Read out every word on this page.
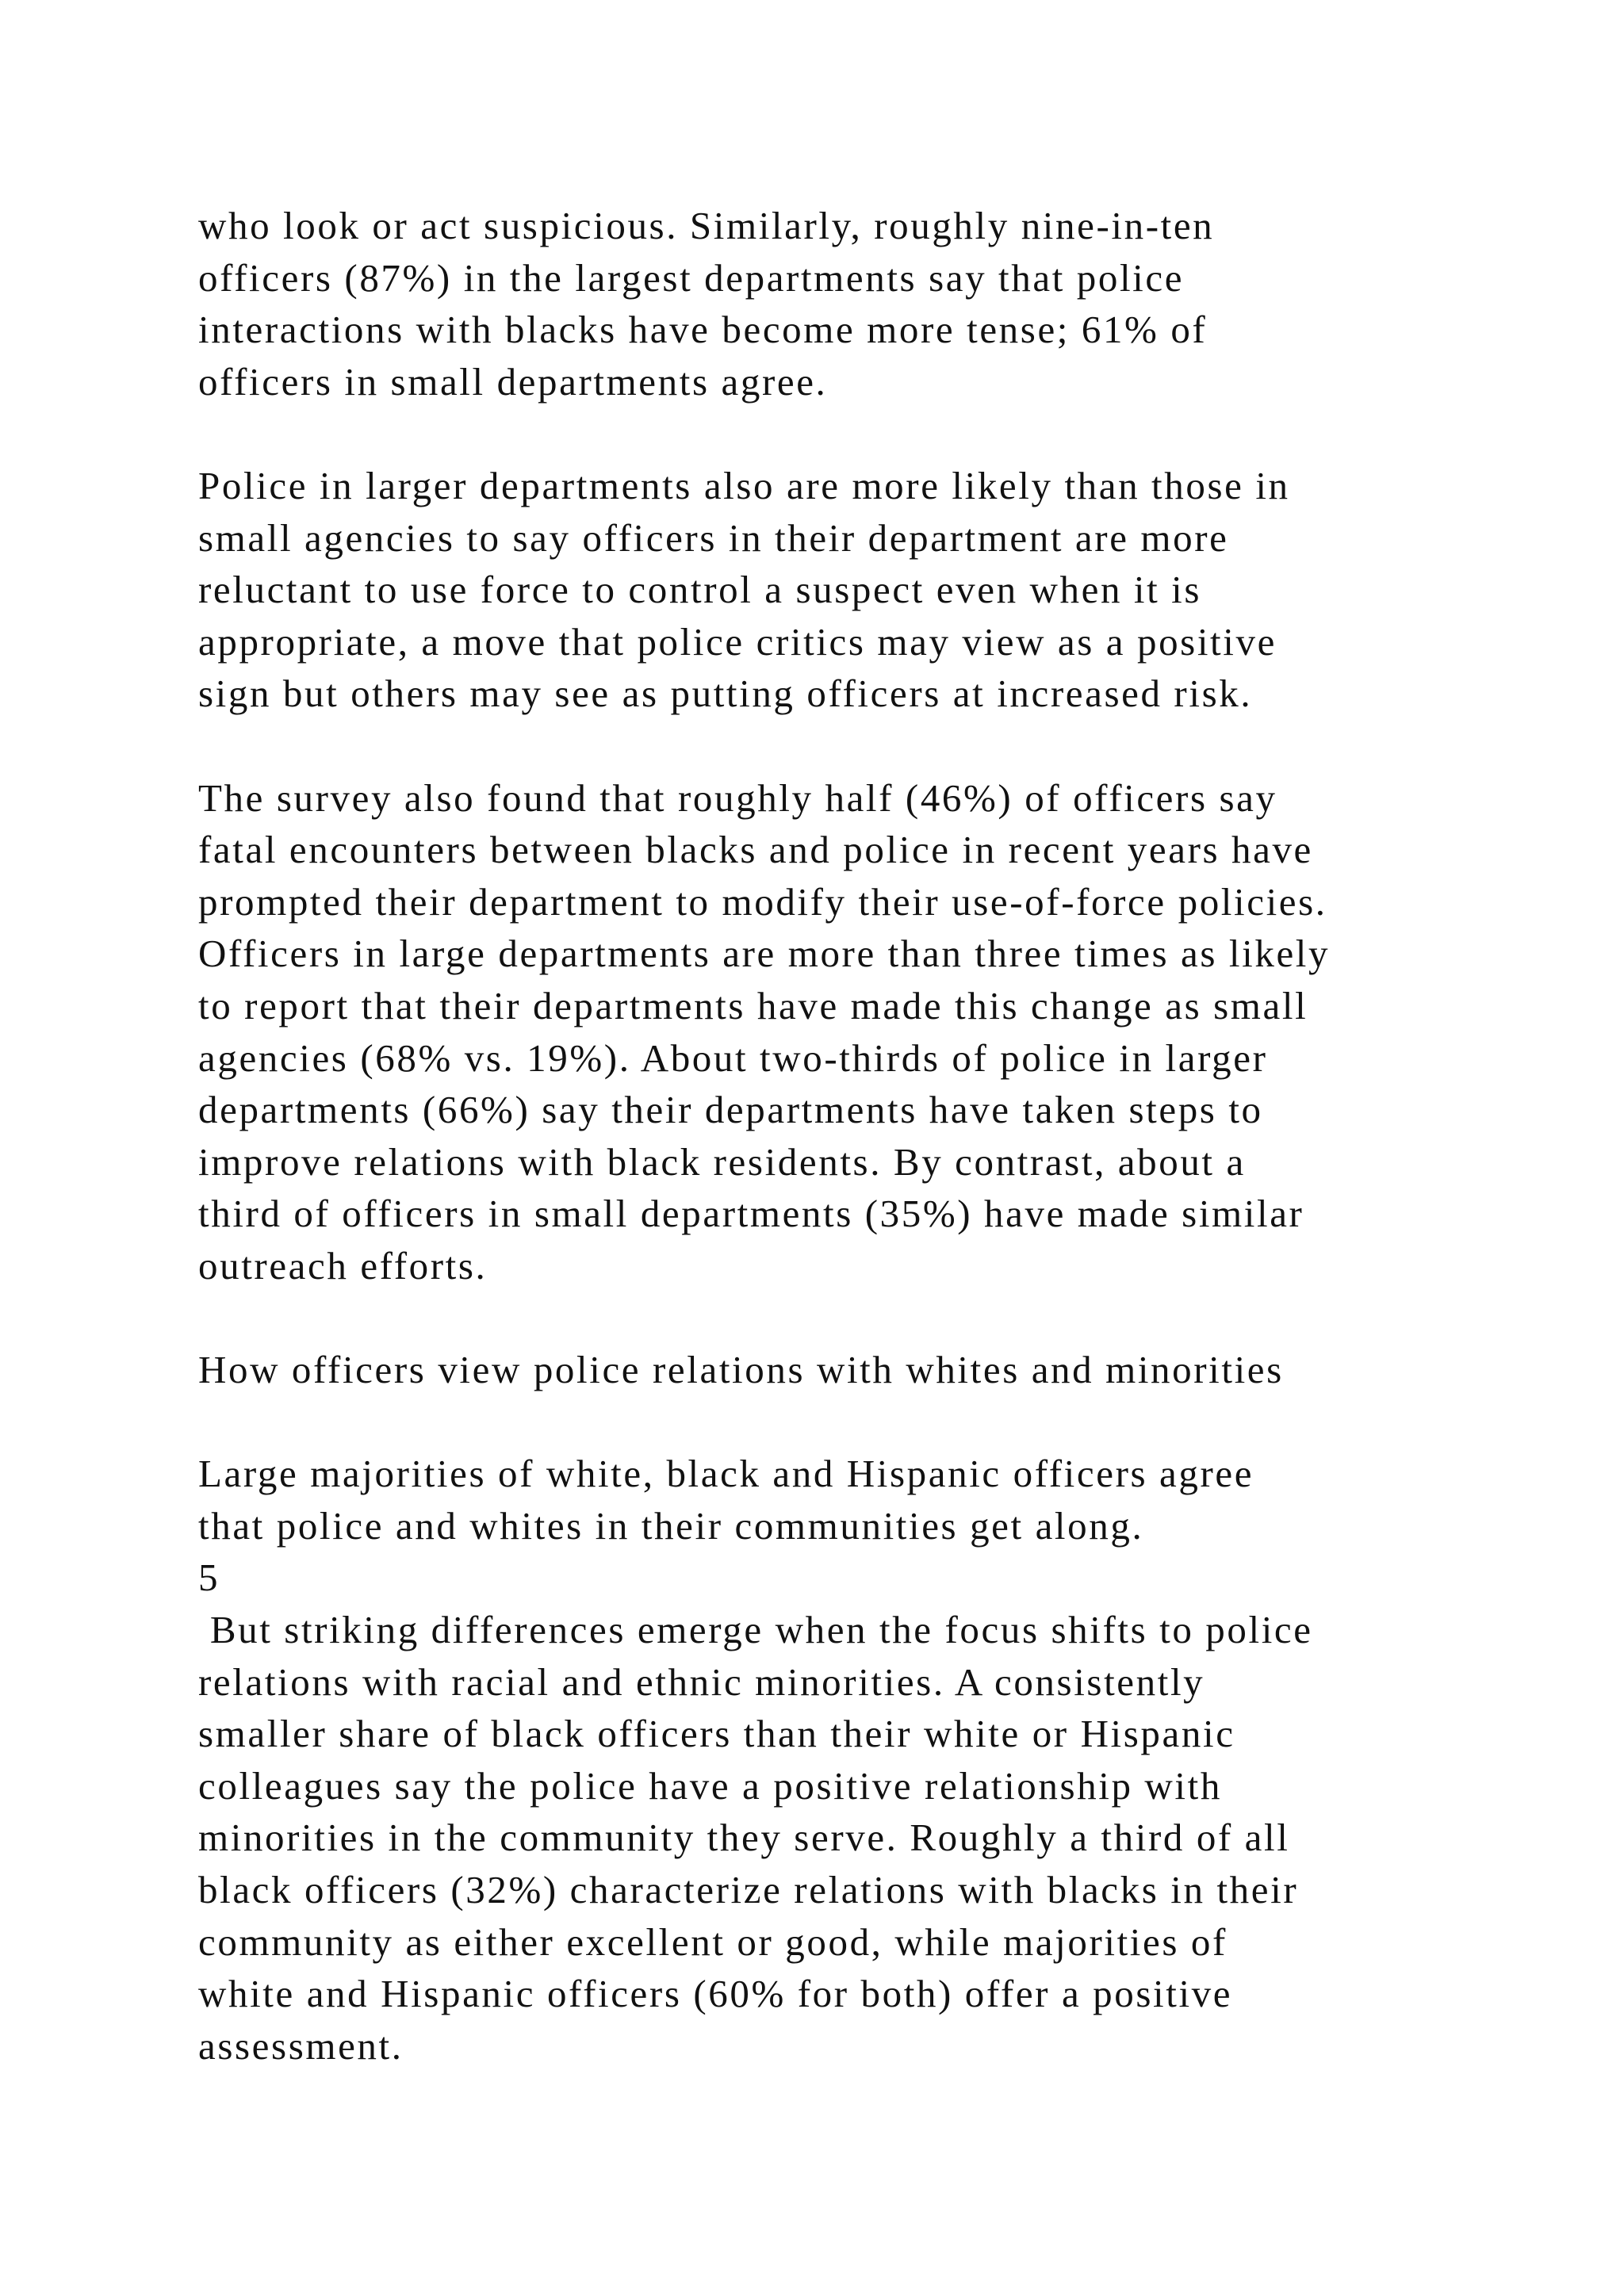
who look or act suspicious. Similarly, roughly nine-in-ten
officers (87%) in the largest departments say that police
interactions with blacks have become more tense; 61% of
officers in small departments agree.
Police in larger departments also are more likely than those in
small agencies to say officers in their department are more
reluctant to use force to control a suspect even when it is
appropriate, a move that police critics may view as a positive
sign but others may see as putting officers at increased risk.
The survey also found that roughly half (46%) of officers say
fatal encounters between blacks and police in recent years have
prompted their department to modify their use-of-force policies.
Officers in large departments are more than three times as likely
to report that their departments have made this change as small
agencies (68% vs. 19%). About two-thirds of police in larger
departments (66%) say their departments have taken steps to
improve relations with black residents. By contrast, about a
third of officers in small departments (35%) have made similar
outreach efforts.
How officers view police relations with whites and minorities
Large majorities of white, black and Hispanic officers agree
that police and whites in their communities get along.
5
But striking differences emerge when the focus shifts to police
relations with racial and ethnic minorities. A consistently
smaller share of black officers than their white or Hispanic
colleagues say the police have a positive relationship with
minorities in the community they serve. Roughly a third of all
black officers (32%) characterize relations with blacks in their
community as either excellent or good, while majorities of
white and Hispanic officers (60% for both) offer a positive
assessment.
